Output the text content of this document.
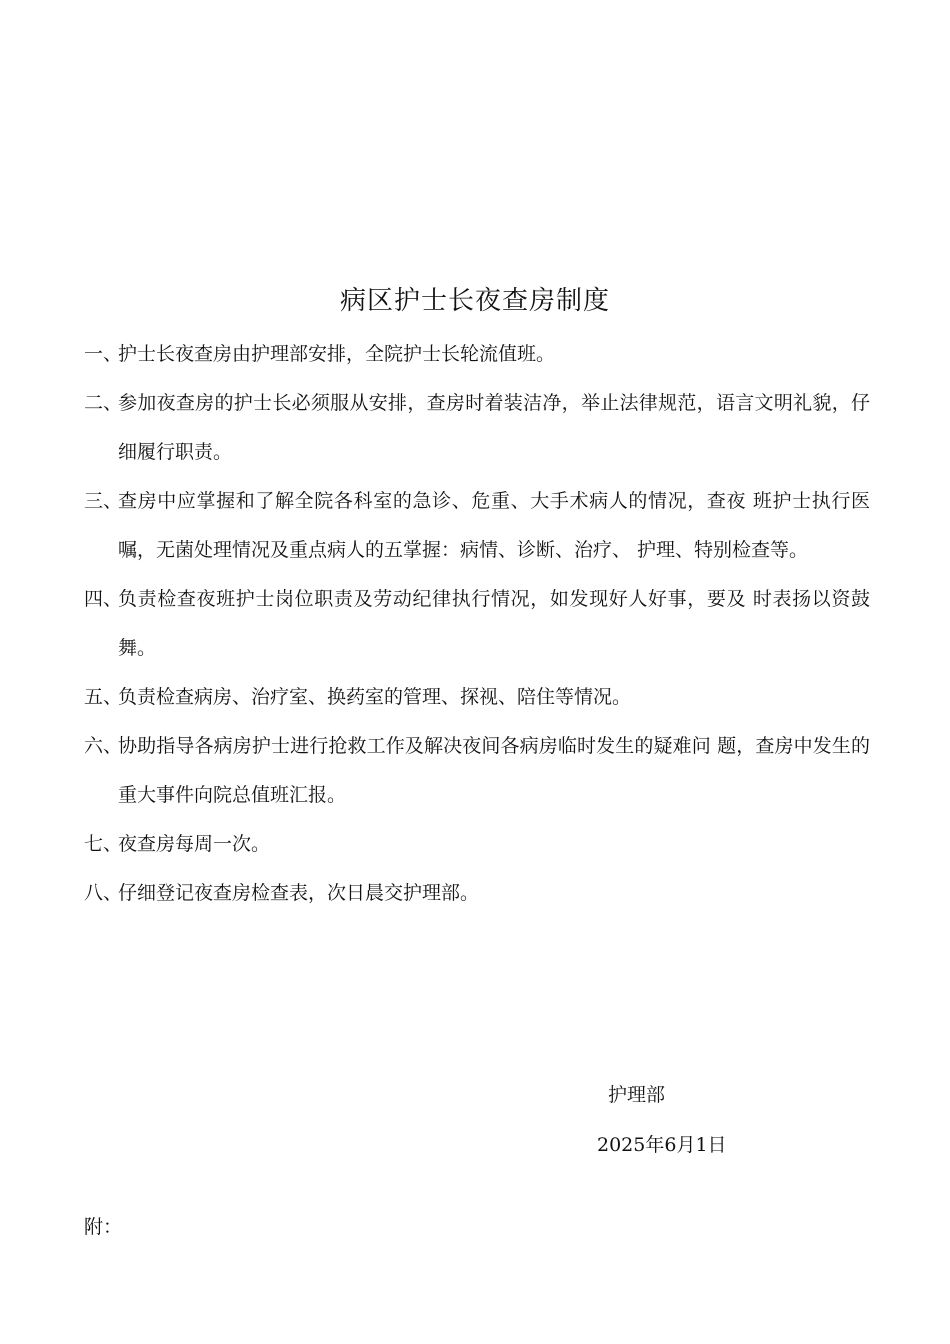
病区护士长夜查房制度
一、
护士长夜查房由护理部安排，全院护士长轮流值班。
二、
参加夜查房的护士长必须服从安排，查房时着装洁净，举止法律规范，语言文明礼貌，仔细履行职责。
三、
查房中应掌握和了解全院各科室的急诊、危重、大手术病人的情况，查夜 班护士执行医嘱，无菌处理情况及重点病人的五掌握：病情、诊断、治疗、 护理、特别检查等。
四、
负责检查夜班护士岗位职责及劳动纪律执行情况，如发现好人好事，要及 时表扬以资鼓舞。
五、
负责检查病房、治疗室、换药室的管理、探视、陪住等情况。
六、
协助指导各病房护士进行抢救工作及解决夜间各病房临时发生的疑难问 题，查房中发生的重大事件向院总值班汇报。
七、
夜查房每周一次。
八、
仔细登记夜查房检查表，次日晨交护理部。
护理部
2025年6月1日
附：
